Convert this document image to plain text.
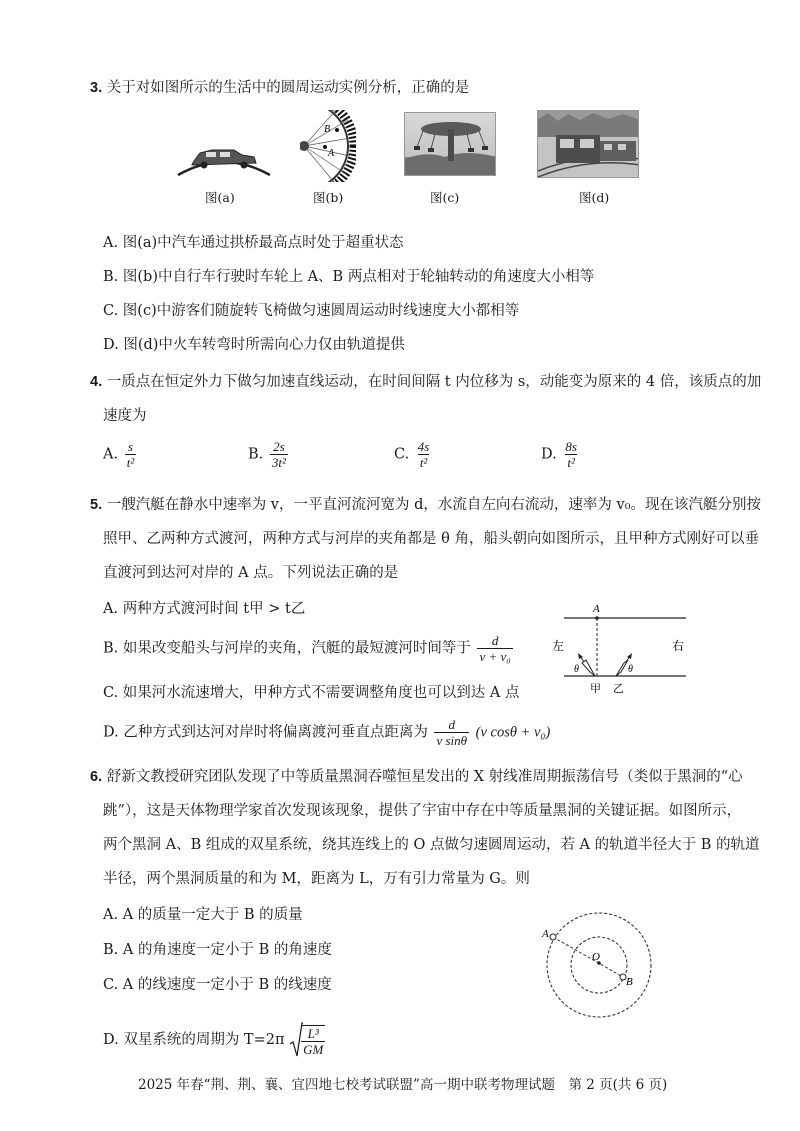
3. 关于对如图所示的生活中的圆周运动实例分析，正确的是
图(a)
B
A
图(b)	图(c)	图(d)
A. 图(a)中汽车通过拱桥最高点时处于超重状态
B. 图(b)中自行车行驶时车轮上 A、B 两点相对于轮轴转动的角速度大小相等
C. 图(c)中游客们随旋转飞椅做匀速圆周运动时线速度大小都相等
D. 图(d)中火车转弯时所需向心力仅由轨道提供
4. 一质点在恒定外力下做匀加速直线运动，在时间间隔 t 内位移为 s，动能变为原来的 4 倍，该质点的加
速度为
A. $\frac{s}{\text{t²}}$	B. $\frac{2s}{\text{3t²}}$	C. $\frac{4s}{\text{t²}}$	D. $\frac{8s}{\text{t²}}$
5. 一艘汽艇在静水中速率为 v，一平直河流河宽为 d，水流自左向右流动，速率为 v₀。现在该汽艇分别按
照甲、乙两种方式渡河，两种方式与河岸的夹角都是 θ 角，船头朝向如图所示，且甲种方式刚好可以垂
直渡河到达河对岸的 A 点。下列说法正确的是
A. 两种方式渡河时间 t甲 > t乙
B. 如果改变船头与河岸的夹角，汽艇的最短渡河时间等于 $\frac{d}{\text{v + v₀}}$
C. 如果河水流速增大，甲种方式不需要调整角度也可以到达 A 点
D. 乙种方式到达河对岸时将偏离渡河垂直点距离为 $\frac{d}{\text{v sinθ}} (v$ cosθ + v₀)
A
左	右
θ	θ
甲 乙
6. 舒新文教授研究团队发现了中等质量黑洞吞噬恒星发出的 X 射线准周期振荡信号（类似于黑洞的“心
跳”），这是天体物理学家首次发现该现象，提供了宇宙中存在中等质量黑洞的关键证据。如图所示，
两个黑洞 A、B 组成的双星系统，绕其连线上的 O 点做匀速圆周运动，若 A 的轨道半径大于 B 的轨道
半径，两个黑洞质量的和为 M，距离为 L，万有引力常量为 G。则
A. A 的质量一定大于 B 的质量
B. A 的角速度一定小于 B 的角速度
C. A 的线速度一定小于 B 的线速度
D. 双星系统的周期为 $T=2\pi \frac{\text{L³}}{GM}$
A
O
B
2025 年春“荆、荆、襄、宜四地七校考试联盟”高一期中联考物理试题　第 2 页(共 6 页)
